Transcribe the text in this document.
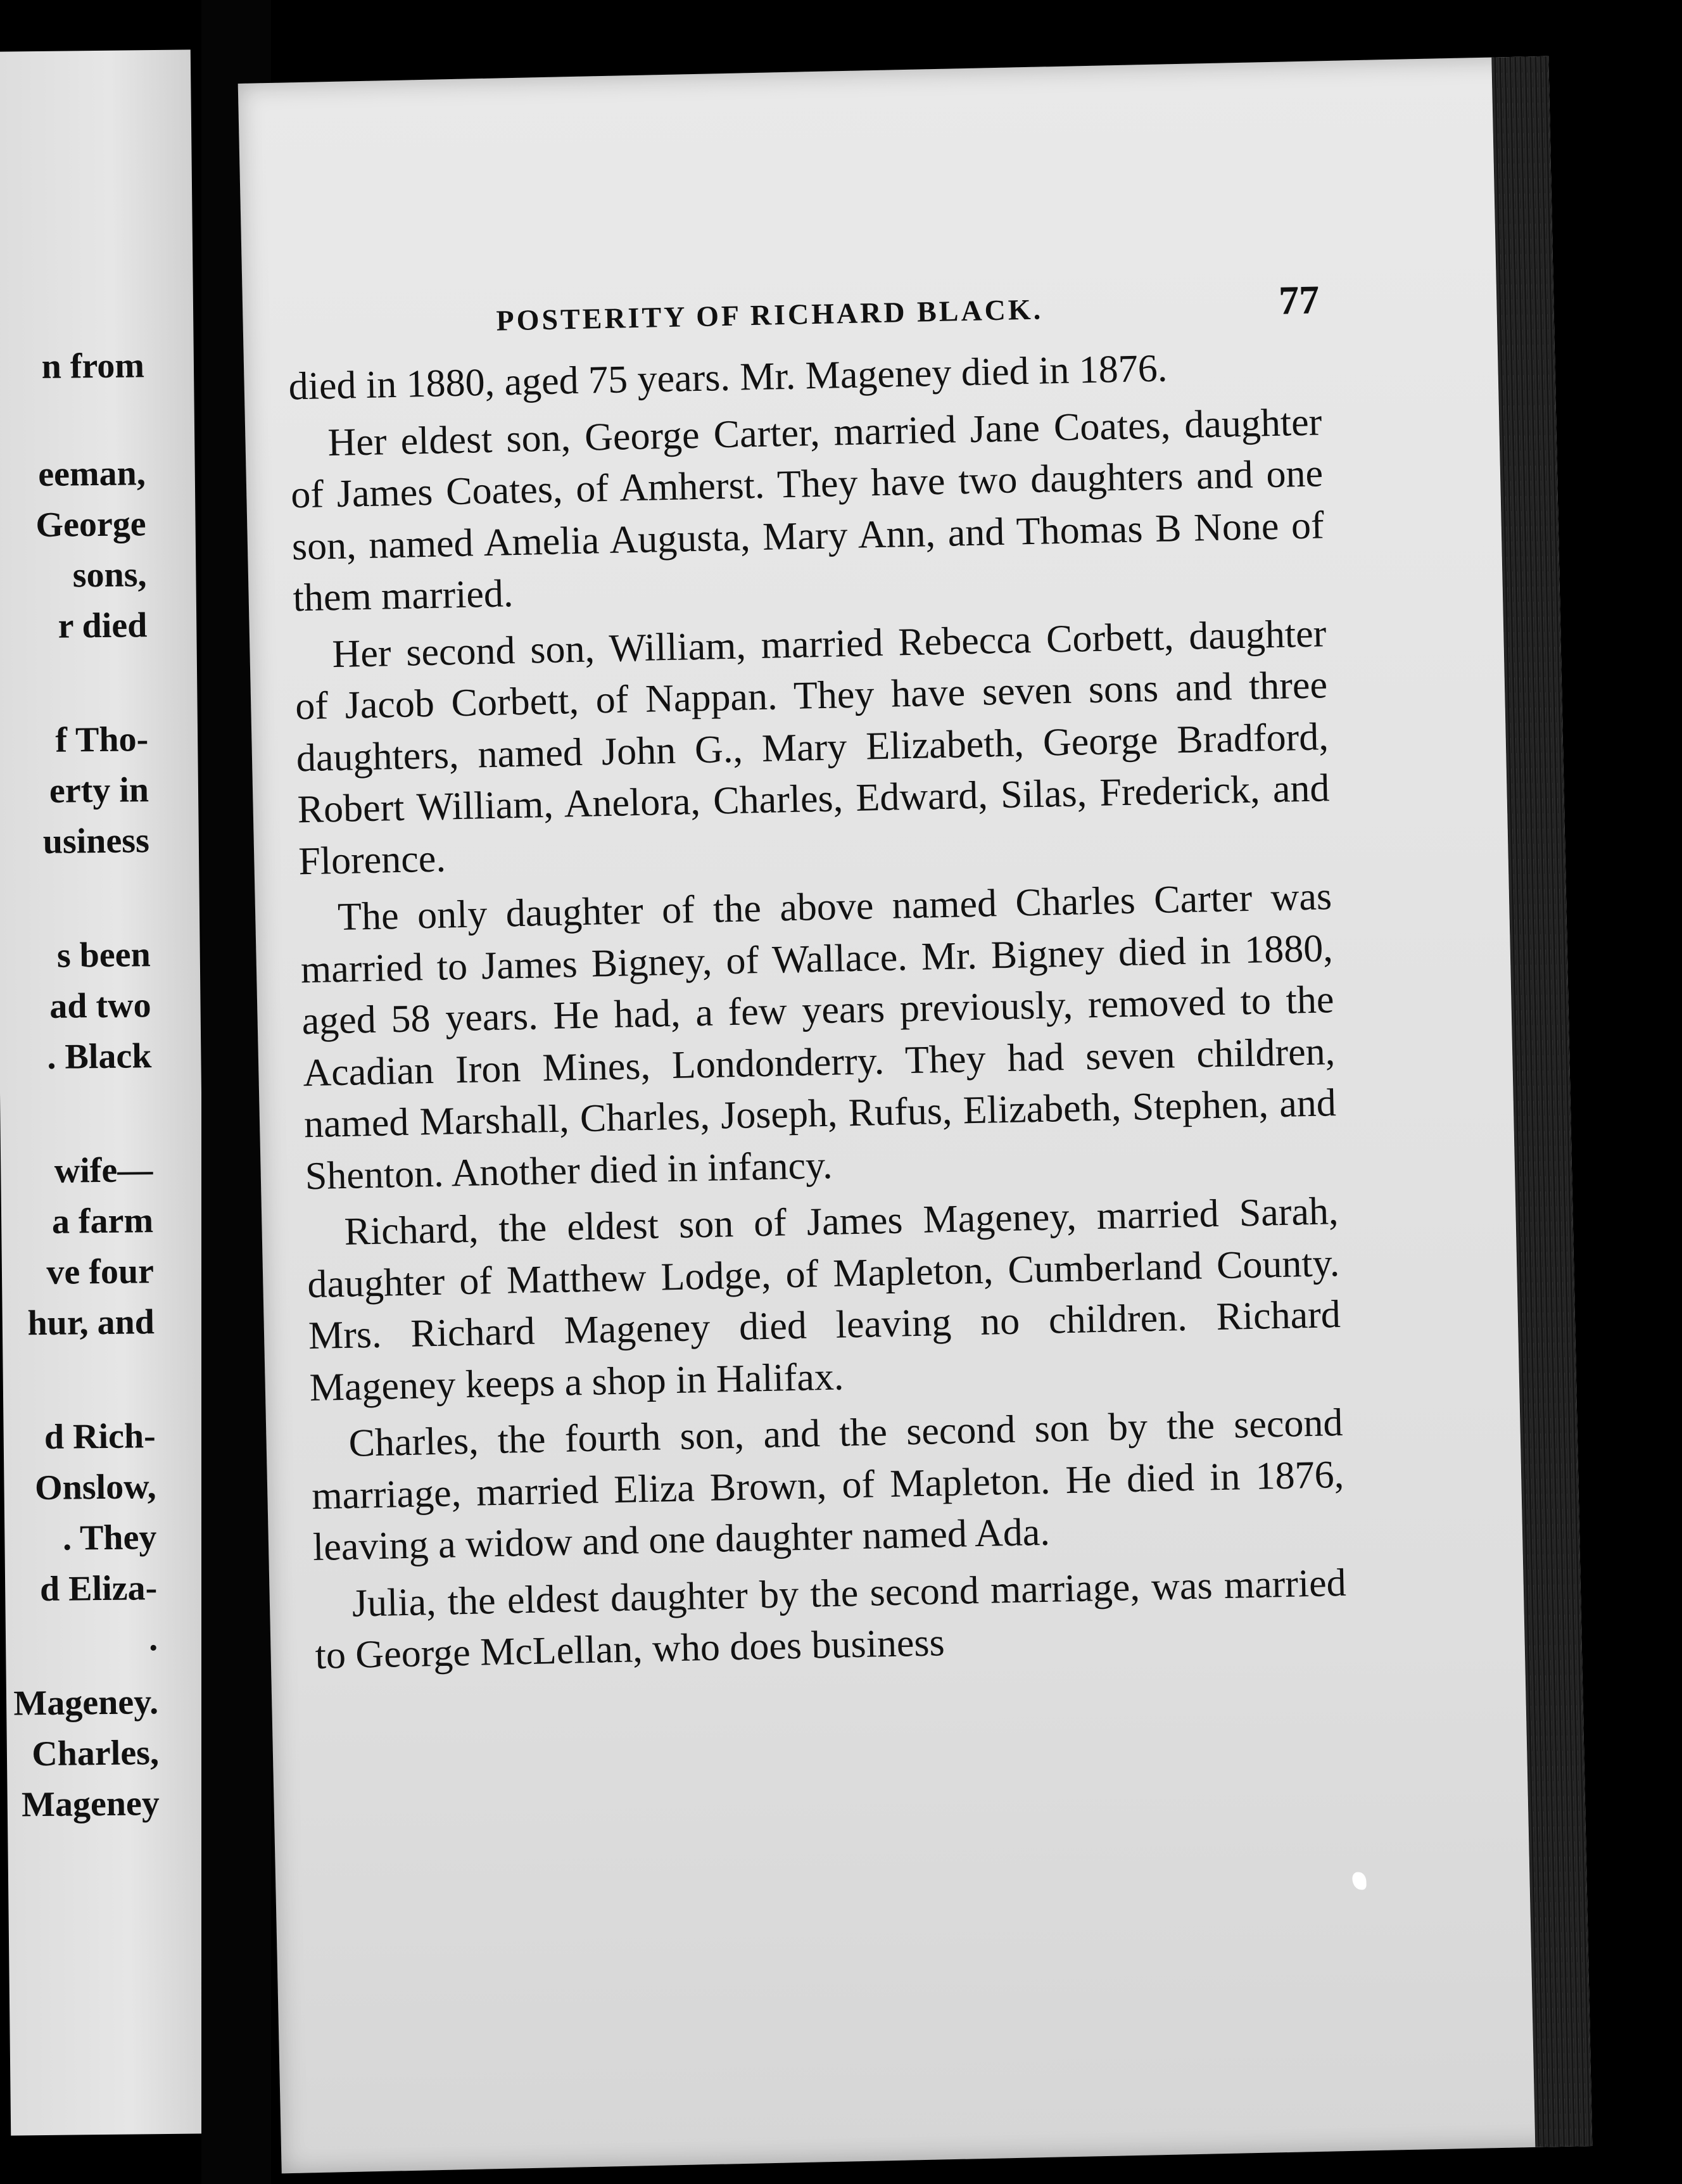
n from
eeman,
George
sons,
r died
f Tho-
erty in
usiness
s been
ad two
. Black
wife—
a farm
ve four
hur, and
d Rich-
Onslow,
. They
d Eliza-
.
Mageney.
Charles,
Mageney
POSTERITY OF RICHARD BLACK.	77

died in 1880, aged 75 years. Mr. Mageney died in 1876.

Her eldest son, George Carter, married Jane Coates, daughter of James Coates, of Amherst. They have two daughters and one son, named Amelia Augusta, Mary Ann, and Thomas B None of them married.

Her second son, William, married Rebecca Corbett, daughter of Jacob Corbett, of Nappan. They have seven sons and three daughters, named John G., Mary Elizabeth, George Bradford, Robert William, Anelora, Charles, Edward, Silas, Frederick, and Florence.

The only daughter of the above named Charles Carter was married to James Bigney, of Wallace. Mr. Bigney died in 1880, aged 58 years. He had, a few years previously, removed to the Acadian Iron Mines, Londonderry. They had seven children, named Marshall, Charles, Joseph, Rufus, Elizabeth, Stephen, and Shenton. Another died in infancy.

Richard, the eldest son of James Mageney, married Sarah, daughter of Matthew Lodge, of Mapleton, Cumberland County. Mrs. Richard Mageney died leaving no children. Richard Mageney keeps a shop in Halifax.

Charles, the fourth son, and the second son by the second marriage, married Eliza Brown, of Mapleton. He died in 1876, leaving a widow and one daughter named Ada.

Julia, the eldest daughter by the second marriage, was married to George McLellan, who does business
